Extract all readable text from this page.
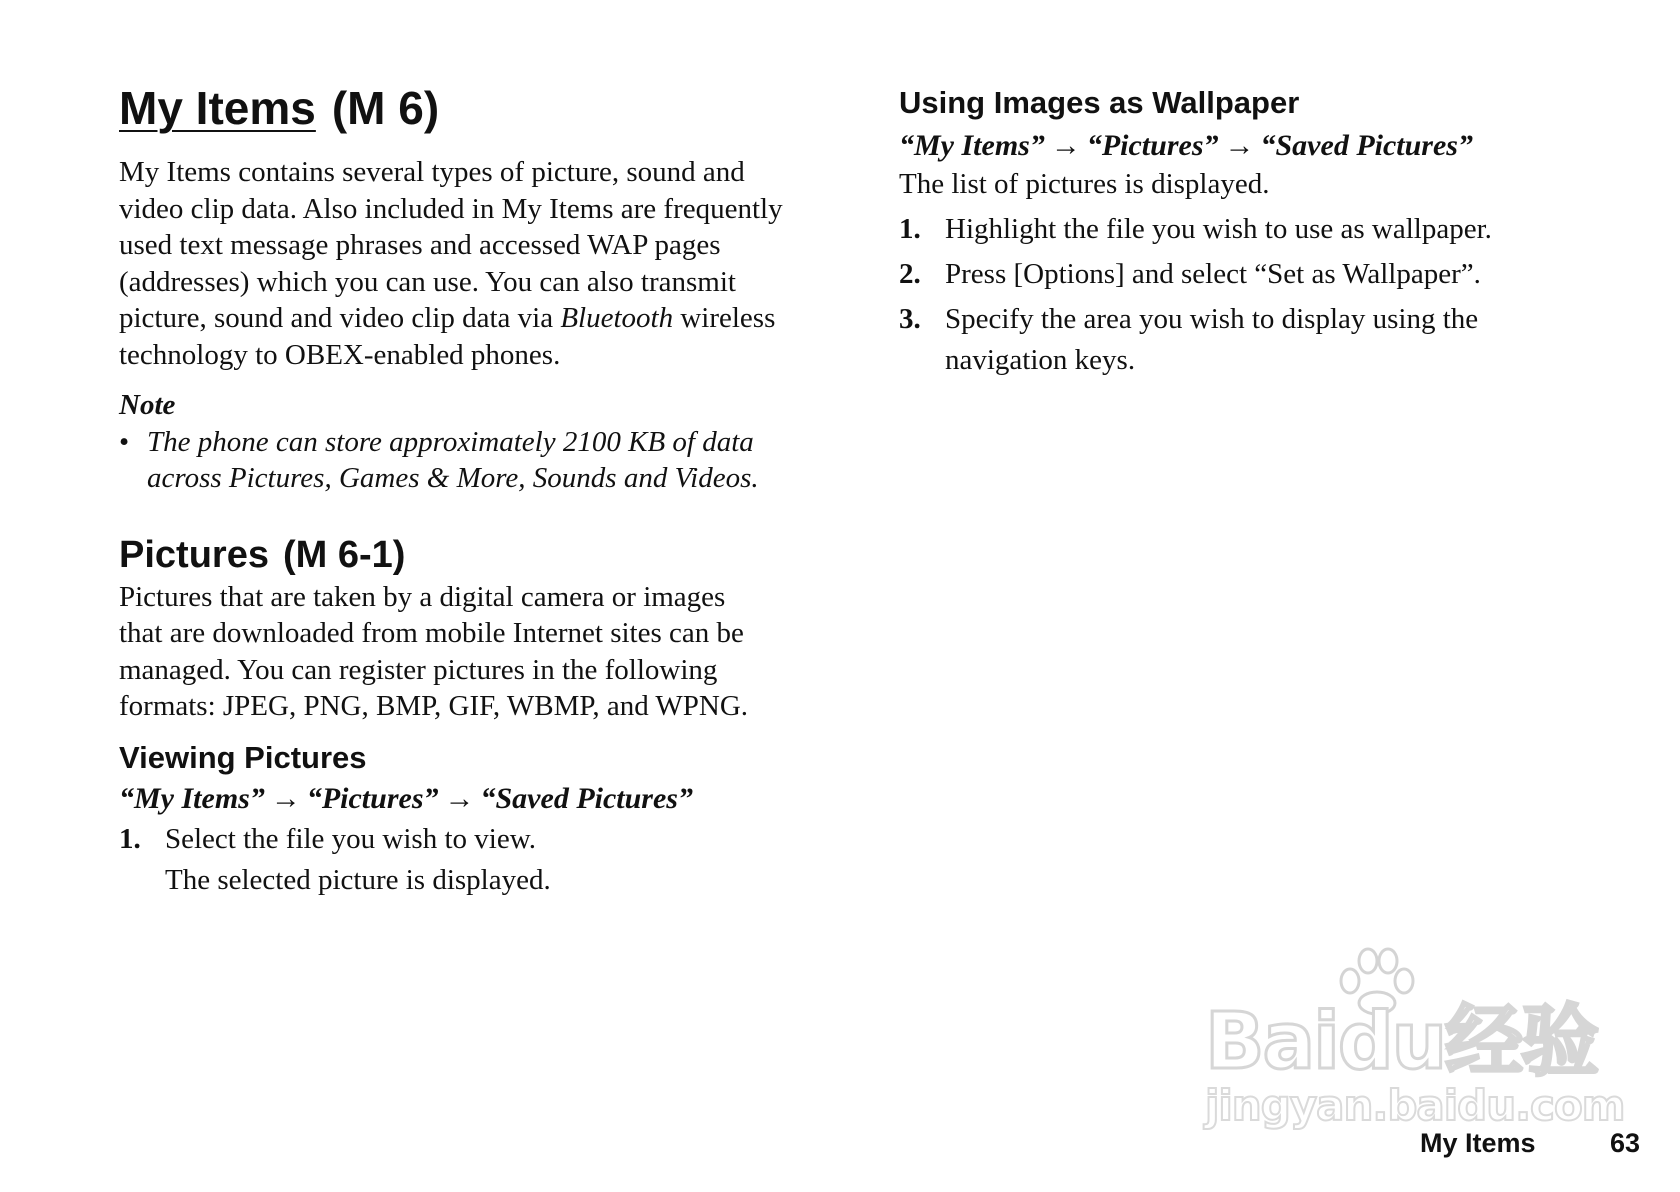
My Items (M 6)
My Items contains several types of picture, sound and
video clip data. Also included in My Items are frequently
used text message phrases and accessed WAP pages
(addresses) which you can use. You can also transmit
picture, sound and video clip data via Bluetooth wireless
technology to OBEX-enabled phones.
Note
• The phone can store approximately 2100 KB of data
across Pictures, Games & More, Sounds and Videos.
Pictures (M 6-1)
Pictures that are taken by a digital camera or images
that are downloaded from mobile Internet sites can be
managed. You can register pictures in the following
formats: JPEG, PNG, BMP, GIF, WBMP, and WPNG.
Viewing Pictures
“My Items” → “Pictures” → “Saved Pictures”
1. Select the file you wish to view.
The selected picture is displayed.
Using Images as Wallpaper
“My Items” → “Pictures” → “Saved Pictures”
The list of pictures is displayed.
1. Highlight the file you wish to use as wallpaper.
2. Press [Options] and select “Set as Wallpaper”.
3. Specify the area you wish to display using the
navigation keys.
Baidu经验
jingyan.baidu.com
My Items	63
